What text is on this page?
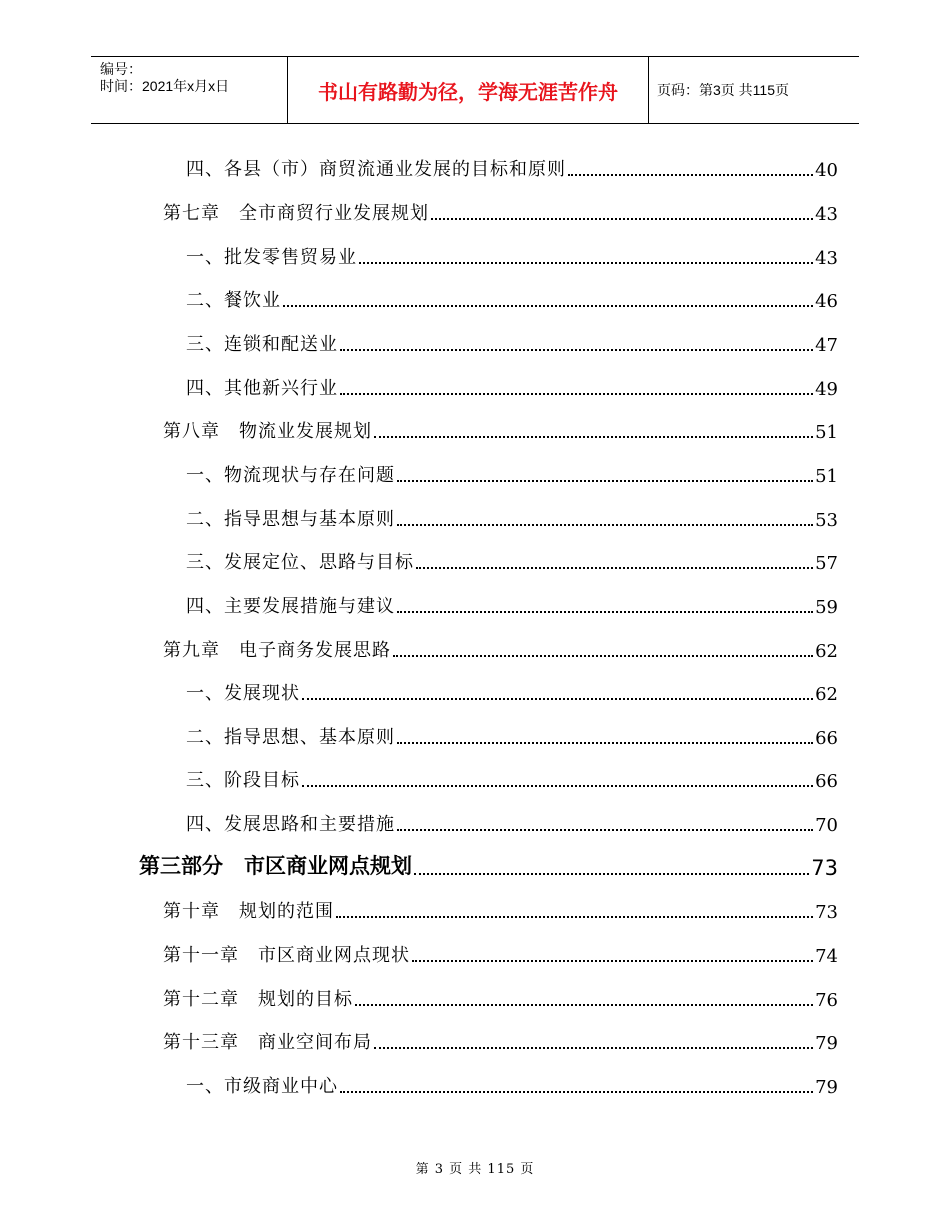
编号：
时间：2021年x月x日	书山有路勤为径，学海无涯苦作舟	页码：第3页 共115页
四、各县（市）商贸流通业发展的目标和原则	40
第七章　全市商贸行业发展规划	43
一、批发零售贸易业	43
二、餐饮业	46
三、连锁和配送业	47
四、其他新兴行业	49
第八章　物流业发展规划	51
一、物流现状与存在问题	51
二、指导思想与基本原则	53
三、发展定位、思路与目标	57
四、主要发展措施与建议	59
第九章　电子商务发展思路	62
一、发展现状	62
二、指导思想、基本原则	66
三、阶段目标	66
四、发展思路和主要措施	70
第三部分　市区商业网点规划	73
第十章　规划的范围	73
第十一章　市区商业网点现状	74
第十二章　规划的目标	76
第十三章　商业空间布局	79
一、市级商业中心	79
第 3 页 共 115 页
